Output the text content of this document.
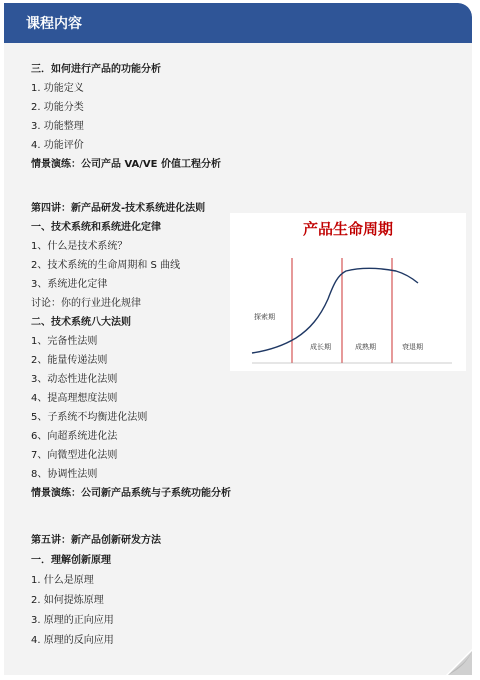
课程内容
三．如何进行产品的功能分析
1. 功能定义
2. 功能分类
3. 功能整理
4. 功能评价
情景演练：公司产品 VA/VE 价值工程分析
第四讲：新产品研发-技术系统进化法则
一、技术系统和系统进化定律
1、什么是技术系统？
2、技术系统的生命周期和 S 曲线
3、系统进化定律
讨论：你的行业进化规律
二、技术系统八大法则
1、完备性法则
2、能量传递法则
3、动态性进化法则
4、提高理想度法则
5、子系统不均衡进化法则
6、向超系统进化法
7、向微型进化法则
8、协调性法则
情景演练：公司新产品系统与子系统功能分析
第五讲：新产品创新研发方法
一．理解创新原理
1. 什么是原理
2. 如何提炼原理
3. 原理的正向应用
4. 原理的反向应用
产品生命周期
探索期
成长期	成熟期	衰退期
